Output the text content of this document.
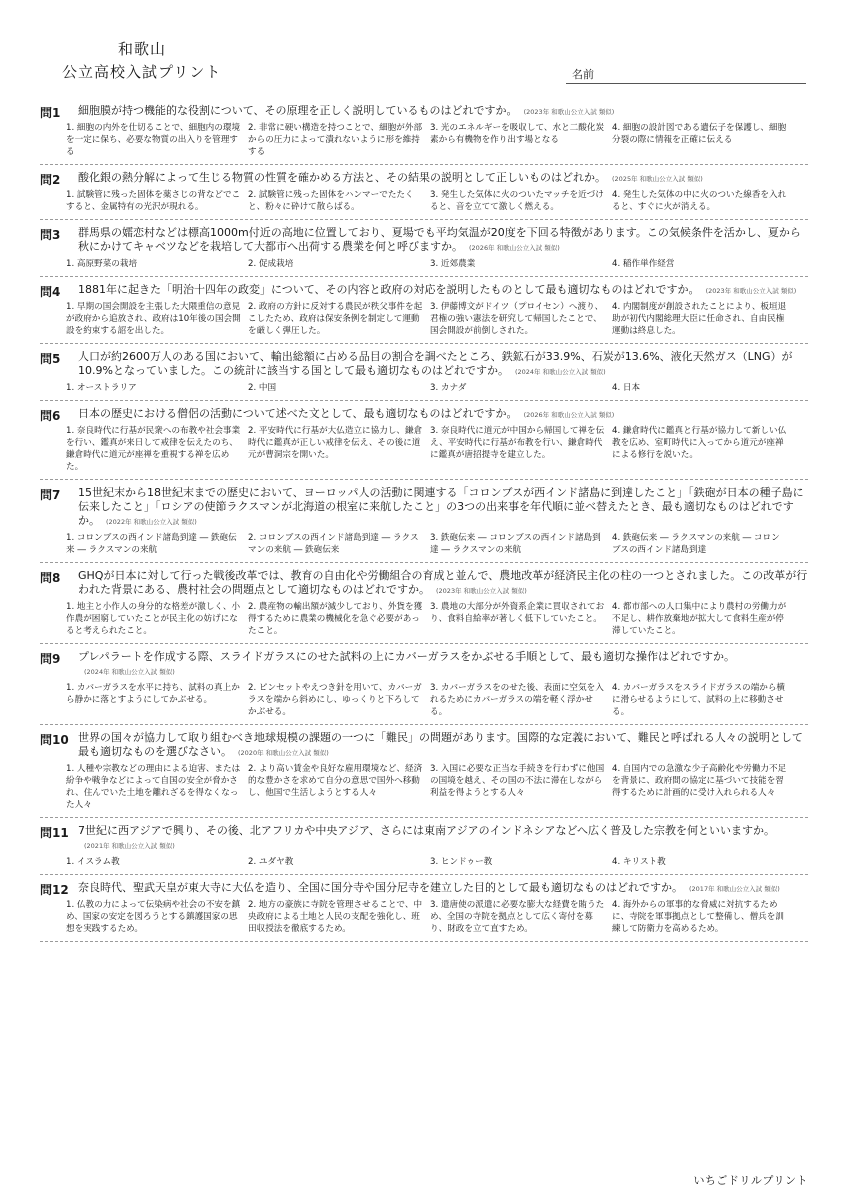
和歌山
公立高校入試プリント	名前
問1 細胞膜が持つ機能的な役割について、その原理を正しく説明しているものはどれですか。 (2023年 和歌山公立入試 類似)
1. 細胞の内外を仕切ることで、細胞内の環境を一定に保ち、必要な物質の出入りを管理する
2. 非常に硬い構造を持つことで、細胞が外部からの圧力によって潰れないように形を維持する
3. 光のエネルギーを吸収して、水と二酸化炭素から有機物を作り出す場となる
4. 細胞の設計図である遺伝子を保護し、細胞分裂の際に情報を正確に伝える
問2 酸化銀の熱分解によって生じる物質の性質を確かめる方法と、その結果の説明として正しいものはどれか。 (2025年 和歌山公立入試 類似)
1. 試験管に残った固体を薬さじの背などでこすると、金属特有の光沢が現れる。
2. 試験管に残った固体をハンマーでたたくと、粉々に砕けて散らばる。
3. 発生した気体に火のついたマッチを近づけると、音を立てて激しく燃える。
4. 発生した気体の中に火のついた線香を入れると、すぐに火が消える。
問3 群馬県の嬬恋村などは標高1000m付近の高地に位置しており、夏場でも平均気温が20度を下回る特徴があります。この気候条件を活かし、夏から秋にかけてキャベツなどを栽培して大都市へ出荷する農業を何と呼びますか。 (2026年 和歌山公立入試 類似)
1. 高原野菜の栽培	2. 促成栽培	3. 近郊農業	4. 稲作単作経営
問4 1881年に起きた「明治十四年の政変」について、その内容と政府の対応を説明したものとして最も適切なものはどれですか。 (2023年 和歌山公立入試 類似)
1. 早期の国会開設を主張した大隈重信の意見が政府から追放され、政府は10年後の国会開設を約束する詔を出した。
2. 政府の方針に反対する農民が秩父事件を起こしたため、政府は保安条例を制定して運動を厳しく弾圧した。
3. 伊藤博文がドイツ（プロイセン）へ渡り、君権の強い憲法を研究して帰国したことで、国会開設が前倒しされた。
4. 内閣制度が創設されたことにより、板垣退助が初代内閣総理大臣に任命され、自由民権運動は終息した。
問5 人口が約2600万人のある国において、輸出総額に占める品目の割合を調べたところ、鉄鉱石が33.9%、石炭が13.6%、液化天然ガス（LNG）が10.9%となっていました。この統計に該当する国として最も適切なものはどれですか。 (2024年 和歌山公立入試 類似)
1. オーストラリア	2. 中国	3. カナダ	4. 日本
問6 日本の歴史における僧侶の活動について述べた文として、最も適切なものはどれですか。 (2026年 和歌山公立入試 類似)
1. 奈良時代に行基が民衆への布教や社会事業を行い、鑑真が来日して戒律を伝えたのち、鎌倉時代に道元が座禅を重視する禅を広めた。
2. 平安時代に行基が大仏造立に協力し、鎌倉時代に鑑真が正しい戒律を伝え、その後に道元が曹洞宗を開いた。
3. 奈良時代に道元が中国から帰国して禅を伝え、平安時代に行基が布教を行い、鎌倉時代に鑑真が唐招提寺を建立した。
4. 鎌倉時代に鑑真と行基が協力して新しい仏教を広め、室町時代に入ってから道元が座禅による修行を説いた。
問7 15世紀末から18世紀末までの歴史において、ヨーロッパ人の活動に関連する「コロンブスが西インド諸島に到達したこと」「鉄砲が日本の種子島に伝来したこと」「ロシアの使節ラクスマンが北海道の根室に来航したこと」の3つの出来事を年代順に並べ替えたとき、最も適切なものはどれですか。 (2022年 和歌山公立入試 類似)
1. コロンブスの西インド諸島到達 ― 鉄砲伝来 ― ラクスマンの来航
2. コロンブスの西インド諸島到達 ― ラクスマンの来航 ― 鉄砲伝来
3. 鉄砲伝来 ― コロンブスの西インド諸島到達 ― ラクスマンの来航
4. 鉄砲伝来 ― ラクスマンの来航 ― コロンブスの西インド諸島到達
問8 GHQが日本に対して行った戦後改革では、教育の自由化や労働組合の育成と並んで、農地改革が経済民主化の柱の一つとされました。この改革が行われた背景にある、農村社会の問題点として適切なものはどれですか。 (2023年 和歌山公立入試 類似)
1. 地主と小作人の身分的な格差が激しく、小作農が困窮していたことが民主化の妨げになると考えられたこと。
2. 農産物の輸出額が減少しており、外貨を獲得するために農業の機械化を急ぐ必要があったこと。
3. 農地の大部分が外資系企業に買収されており、食料自給率が著しく低下していたこと。
4. 都市部への人口集中により農村の労働力が不足し、耕作放棄地が拡大して食料生産が停滞していたこと。
問9 プレパラートを作成する際、スライドガラスにのせた試料の上にカバーガラスをかぶせる手順として、最も適切な操作はどれですか。(2024年 和歌山公立入試 類似)
1. カバーガラスを水平に持ち、試料の真上から静かに落とすようにしてかぶせる。
2. ピンセットやえつき針を用いて、カバーガラスを端から斜めにし、ゆっくりと下ろしてかぶせる。
3. カバーガラスをのせた後、表面に空気を入れるためにカバーガラスの端を軽く浮かせる。
4. カバーガラスをスライドガラスの端から横に滑らせるようにして、試料の上に移動させる。
問10 世界の国々が協力して取り組むべき地球規模の課題の一つに「難民」の問題があります。国際的な定義において、難民と呼ばれる人々の説明として最も適切なものを選びなさい。 (2020年 和歌山公立入試 類似)
1. 人種や宗教などの理由による迫害、または紛争や戦争などによって自国の安全が脅かされ、住んでいた土地を離れざるを得なくなった人々
2. より高い賃金や良好な雇用環境など、経済的な豊かさを求めて自分の意思で国外へ移動し、他国で生活しようとする人々
3. 入国に必要な正当な手続きを行わずに他国の国境を越え、その国の不法に滞在しながら利益を得ようとする人々
4. 自国内での急激な少子高齢化や労働力不足を背景に、政府間の協定に基づいて技能を習得するために計画的に受け入れられる人々
問11 7世紀に西アジアで興り、その後、北アフリカや中央アジア、さらには東南アジアのインドネシアなどへ広く普及した宗教を何といいますか。(2021年 和歌山公立入試 類似)
1. イスラム教	2. ユダヤ教	3. ヒンドゥー教	4. キリスト教
問12 奈良時代、聖武天皇が東大寺に大仏を造り、全国に国分寺や国分尼寺を建立した目的として最も適切なものはどれですか。 (2017年 和歌山公立入試 類似)
1. 仏教の力によって伝染病や社会の不安を鎮め、国家の安定を図ろうとする鎮護国家の思想を実践するため。
2. 地方の豪族に寺院を管理させることで、中央政府による土地と人民の支配を強化し、班田収授法を徹底するため。
3. 遣唐使の派遣に必要な膨大な経費を賄うため、全国の寺院を拠点として広く寄付を募り、財政を立て直すため。
4. 海外からの軍事的な脅威に対抗するために、寺院を軍事拠点として整備し、僧兵を訓練して防衛力を高めるため。
いちごドリルプリント
